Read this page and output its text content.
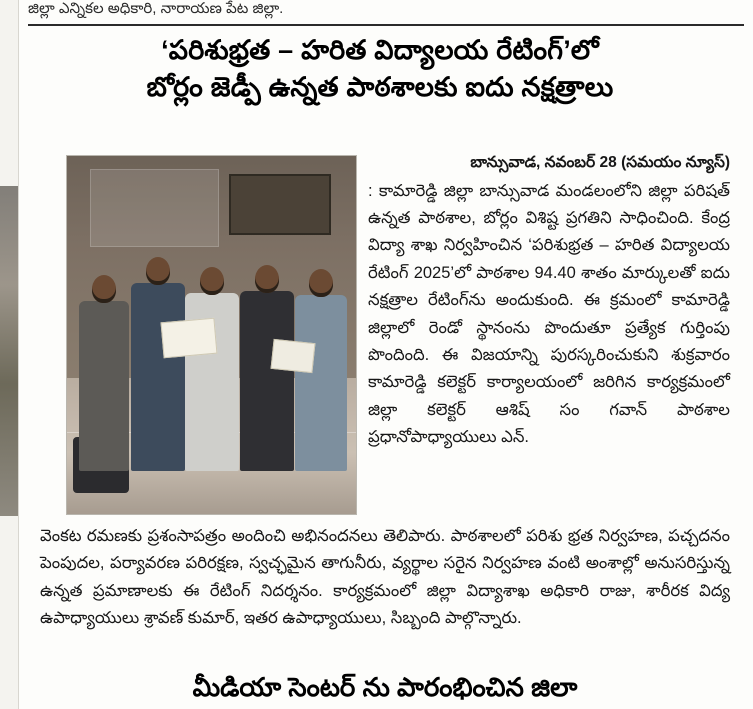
జిల్లా ఎన్నికల అధికారి, నారాయణ పేట జిల్లా.
‘పరిశుభ్రత – హరిత విద్యాలయ రేటింగ్’లో
బోర్లం జెడ్పీ ఉన్నత పాఠశాలకు ఐదు నక్షత్రాలు
బాన్సువాడ, నవంబర్ 28 (సమయం న్యూస్)
: కామారెడ్డి జిల్లా బాన్సువాడ మండలంలోని జిల్లా పరిషత్ ఉన్నత పాఠశాల, బోర్లం విశిష్ట ప్రగతిని సాధించింది. కేంద్ర విద్యా శాఖ నిర్వహించిన ‘పరిశుభ్రత – హరిత విద్యాలయ రేటింగ్ 2025’లో పాఠశాల 94.40 శాతం మార్కులతో ఐదు నక్షత్రాల రేటింగ్‌ను అందుకుంది. ఈ క్రమంలో కామారెడ్డి జిల్లాలో రెండో స్థానంను పొందుతూ ప్రత్యేక గుర్తింపు పొందింది. ఈ విజయాన్ని పురస్కరించుకుని శుక్రవారం కామారెడ్డి కలెక్టర్ కార్యాలయంలో జరిగిన కార్యక్రమంలో జిల్లా కలెక్టర్ ఆశిష్ సం గవాన్ పాఠశాల ప్రధానోపాధ్యాయులు ఎన్.
వెంకట రమణకు ప్రశంసాపత్రం అందించి అభినందనలు తెలిపారు. పాఠశాలలో పరిశు భ్రత నిర్వహణ, పచ్చదనం పెంపుదల, పర్యావరణ పరిరక్షణ, స్వచ్ఛమైన తాగునీరు, వ్యర్థాల సరైన నిర్వహణ వంటి అంశాల్లో అనుసరిస్తున్న ఉన్నత ప్రమాణాలకు ఈ రేటింగ్ నిదర్శనం. కార్యక్రమంలో జిల్లా విద్యాశాఖ అధికారి రాజు, శారీరక విద్య ఉపాధ్యాయులు శ్రావణ్ కుమార్, ఇతర ఉపాధ్యాయులు, సిబ్బంది పాల్గొన్నారు.
మీడియా సెంటర్ ను పారంభించిన జిలా
